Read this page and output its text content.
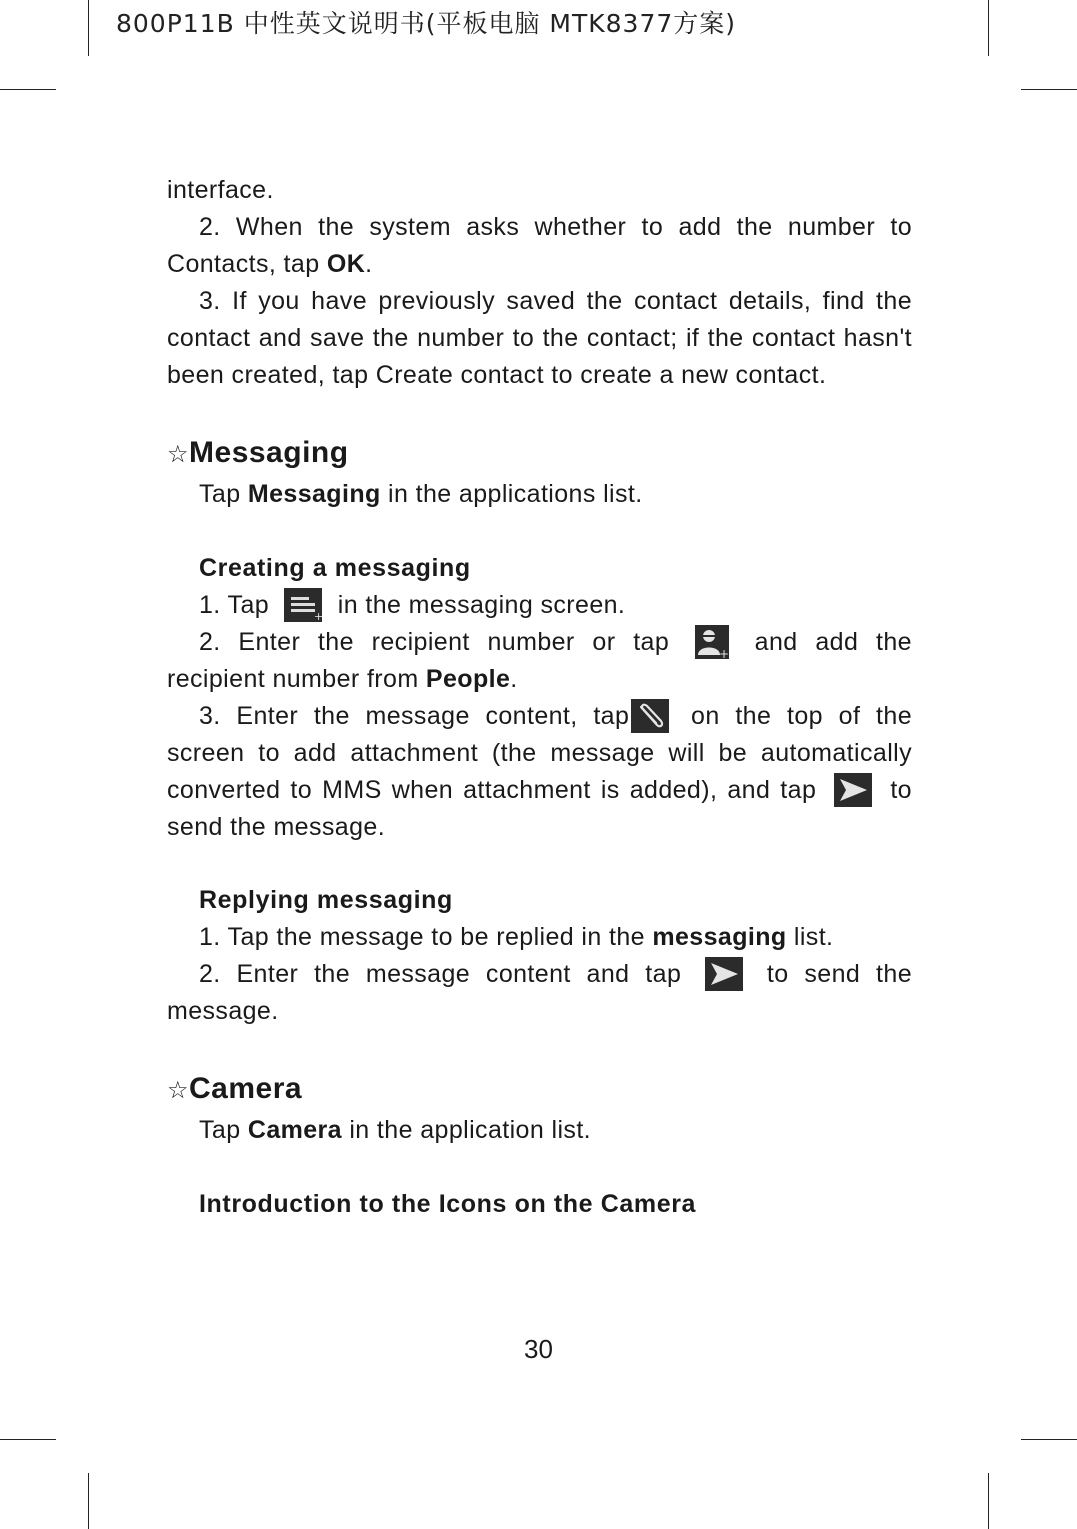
800P11B 中性英文说明书(平板电脑 MTK8377方案)

interface.

2. When the system asks whether to add the number to Contacts, tap OK.

3. If you have previously saved the contact details, find the contact and save the number to the contact; if the contact hasn't been created, tap Create contact to create a new contact.

☆Messaging

Tap Messaging in the applications list.

Creating a messaging

1. Tap	+ in the messaging screen.

2. Enter the recipient number or tap	+ and add the recipient number from People.

3. Enter the message content, tap
on the top of the screen to add attachment (the message will be automatically converted to MMS when attachment is added), and tap
to send the message.

Replying messaging

1. Tap the message to be replied in the messaging list.

2. Enter the message content and tap
to send the message.

☆Camera

Tap Camera in the application list.

Introduction to the Icons on the Camera

30
